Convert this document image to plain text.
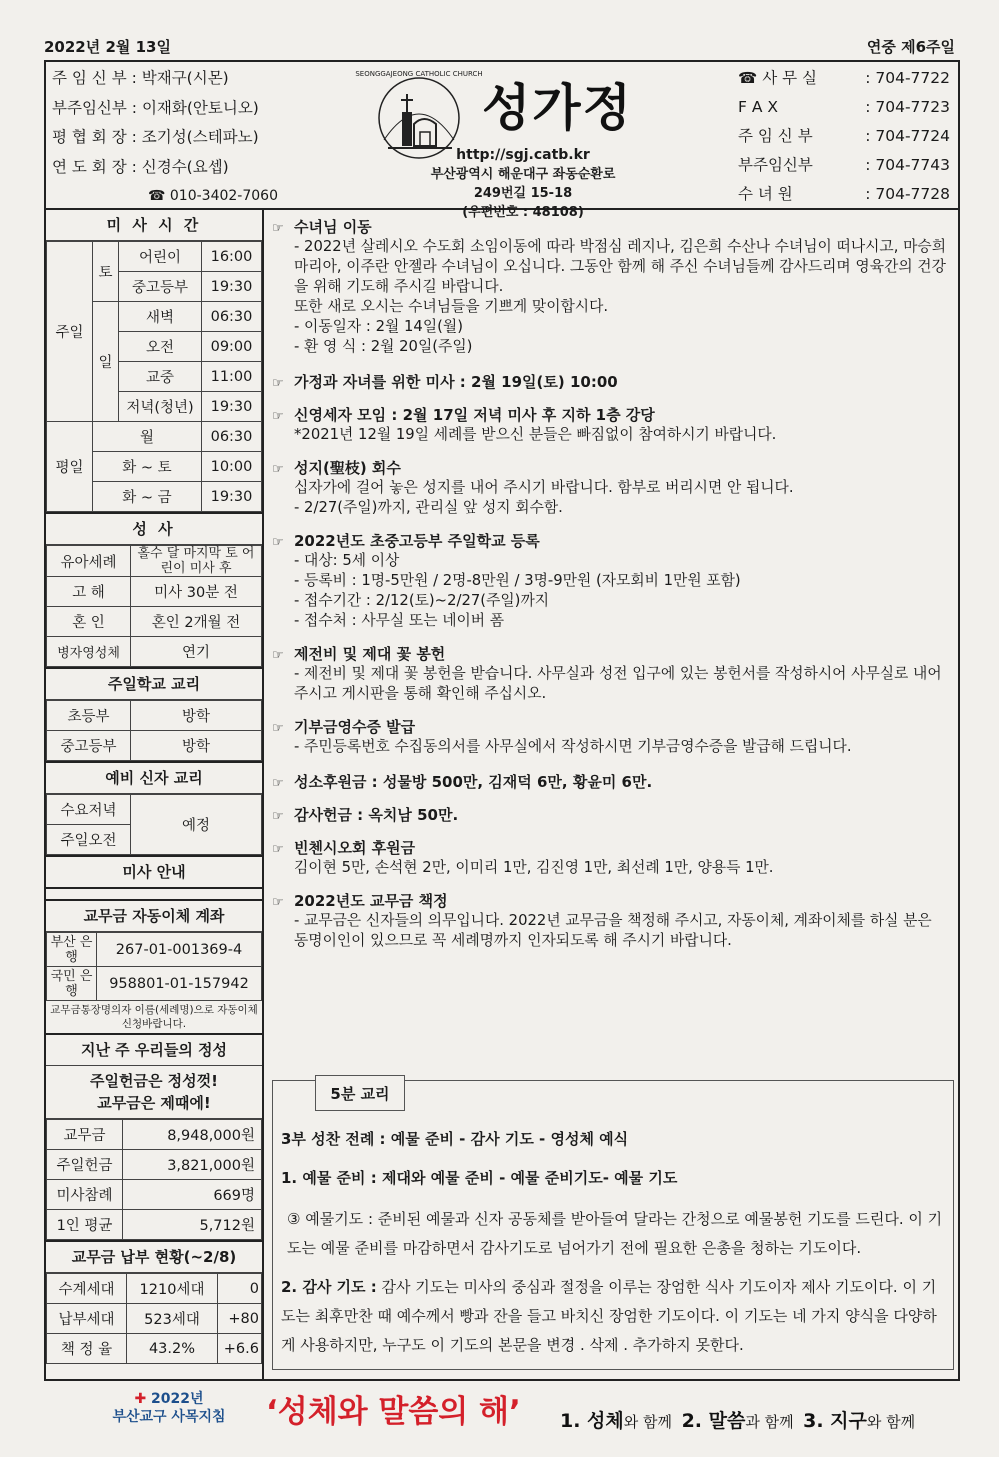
2022년 2월 13일	연중 제6주일
주 임 신 부 : 박재구(시몬)
부주임신부 : 이재화(안토니오)
평 협 회 장 : 조기성(스테파노)
연 도 회 장 : 신경수(요셉)
☎ 010-3402-7060
SEONGGAJEONG CATHOLIC CHURCH
성가정
http://sgj.catb.kr
부산광역시 해운대구 좌동순환로249번길 15-18
(우편번호 : 48108)
☎ 사 무 실	: 704-7722
F A X	: 704-7723
주 임 신 부	: 704-7724
부주임신부	: 704-7743
수 녀 원	: 704-7728
미 사 시 간
주일	토	어린이	16:00
		중고등부	19:30
	일	새벽	06:30
		오전	09:00
		교중	11:00
		저녁(청년)	19:30
평일	월		06:30
	화 ~ 토		10:00
	화 ~ 금		19:30
성 사
유아세례	홀수 달 마지막 토 어린이 미사 후
고 해	미사 30분 전
혼 인	혼인 2개월 전
병자영성체	연기
주일학교 교리
초등부	방학
중고등부	방학
예비 신자 교리
수요저녁	예정
주일오전
미사 안내
교무금 자동이체 계좌
부산 은행	267-01-001369-4
국민 은행	958801-01-157942
교무금통장명의자 이름(세례명)으로 자동이체 신청바랍니다.
지난 주 우리들의 정성
주일헌금은 정성껏!
교무금은 제때에!
교무금	8,948,000원
주일헌금	3,821,000원
미사참례	669명
1인 평균	5,712원
교무금 납부 현황(~2/8)
수계세대	1210세대	0
납부세대	523세대	+80
책 정 율	43.2%	+6.6
☞ 수녀님 이동
- 2022년 살레시오 수도회 소임이동에 따라 박점심 레지나, 김은희 수산나 수녀님이 떠나시고, 마승희 마리아, 이주란 안젤라 수녀님이 오십니다. 그동안 함께 해 주신 수녀님들께 감사드리며 영육간의 건강을 위해 기도해 주시길 바랍니다.
또한 새로 오시는 수녀님들을 기쁘게 맞이합시다.
- 이동일자 : 2월 14일(월)
- 환 영 식 : 2월 20일(주일)
☞ 가정과 자녀를 위한 미사 : 2월 19일(토) 10:00
☞ 신영세자 모임 : 2월 17일 저녁 미사 후 지하 1층 강당
*2021년 12월 19일 세례를 받으신 분들은 빠짐없이 참여하시기 바랍니다.
☞ 성지(聖枝) 회수
십자가에 걸어 놓은 성지를 내어 주시기 바랍니다. 함부로 버리시면 안 됩니다.
- 2/27(주일)까지, 관리실 앞 성지 회수함.
☞ 2022년도 초중고등부 주일학교 등록
- 대상: 5세 이상
- 등록비 : 1명-5만원 / 2명-8만원 / 3명-9만원 (자모회비 1만원 포함)
- 접수기간 : 2/12(토)~2/27(주일)까지
- 접수처 : 사무실 또는 네이버 폼
☞ 제전비 및 제대 꽃 봉헌
- 제전비 및 제대 꽃 봉헌을 받습니다. 사무실과 성전 입구에 있는 봉헌서를 작성하시어 사무실로 내어 주시고 게시판을 통해 확인해 주십시오.
☞ 기부금영수증 발급
- 주민등록번호 수집동의서를 사무실에서 작성하시면 기부금영수증을 발급해 드립니다.
☞ 성소후원금 : 성물방 500만, 김재덕 6만, 황윤미 6만.
☞ 감사헌금 : 옥치남 50만.
☞ 빈첸시오회 후원금
김이현 5만, 손석현 2만, 이미리 1만, 김진영 1만, 최선례 1만, 양용득 1만.
☞ 2022년도 교무금 책정
- 교무금은 신자들의 의무입니다. 2022년 교무금을 책정해 주시고, 자동이체, 계좌이체를 하실 분은 동명이인이 있으므로 꼭 세례명까지 인자되도록 해 주시기 바랍니다.
5분 교리

3부 성찬 전례 : 예물 준비 - 감사 기도 - 영성체 예식

1. 예물 준비 : 제대와 예물 준비 - 예물 준비기도- 예물 기도

③ 예물기도 : 준비된 예물과 신자 공동체를 받아들여 달라는 간청으로 예물봉헌 기도를 드린다. 이 기도는 예물 준비를 마감하면서 감사기도로 넘어가기 전에 필요한 은총을 청하는 기도이다.

2. 감사 기도 : 감사 기도는 미사의 중심과 절정을 이루는 장엄한 식사 기도이자 제사 기도이다. 이 기도는 최후만찬 때 예수께서 빵과 잔을 들고 바치신 장엄한 기도이다. 이 기도는 네 가지 양식을 다양하게 사용하지만, 누구도 이 기도의 본문을 변경 . 삭제 . 추가하지 못한다.

✚ 2022년
부산교구 사목지침	‘성체와 말씀의 해’ 1. 성체와 함께 2. 말씀과 함께 3. 지구와 함께
